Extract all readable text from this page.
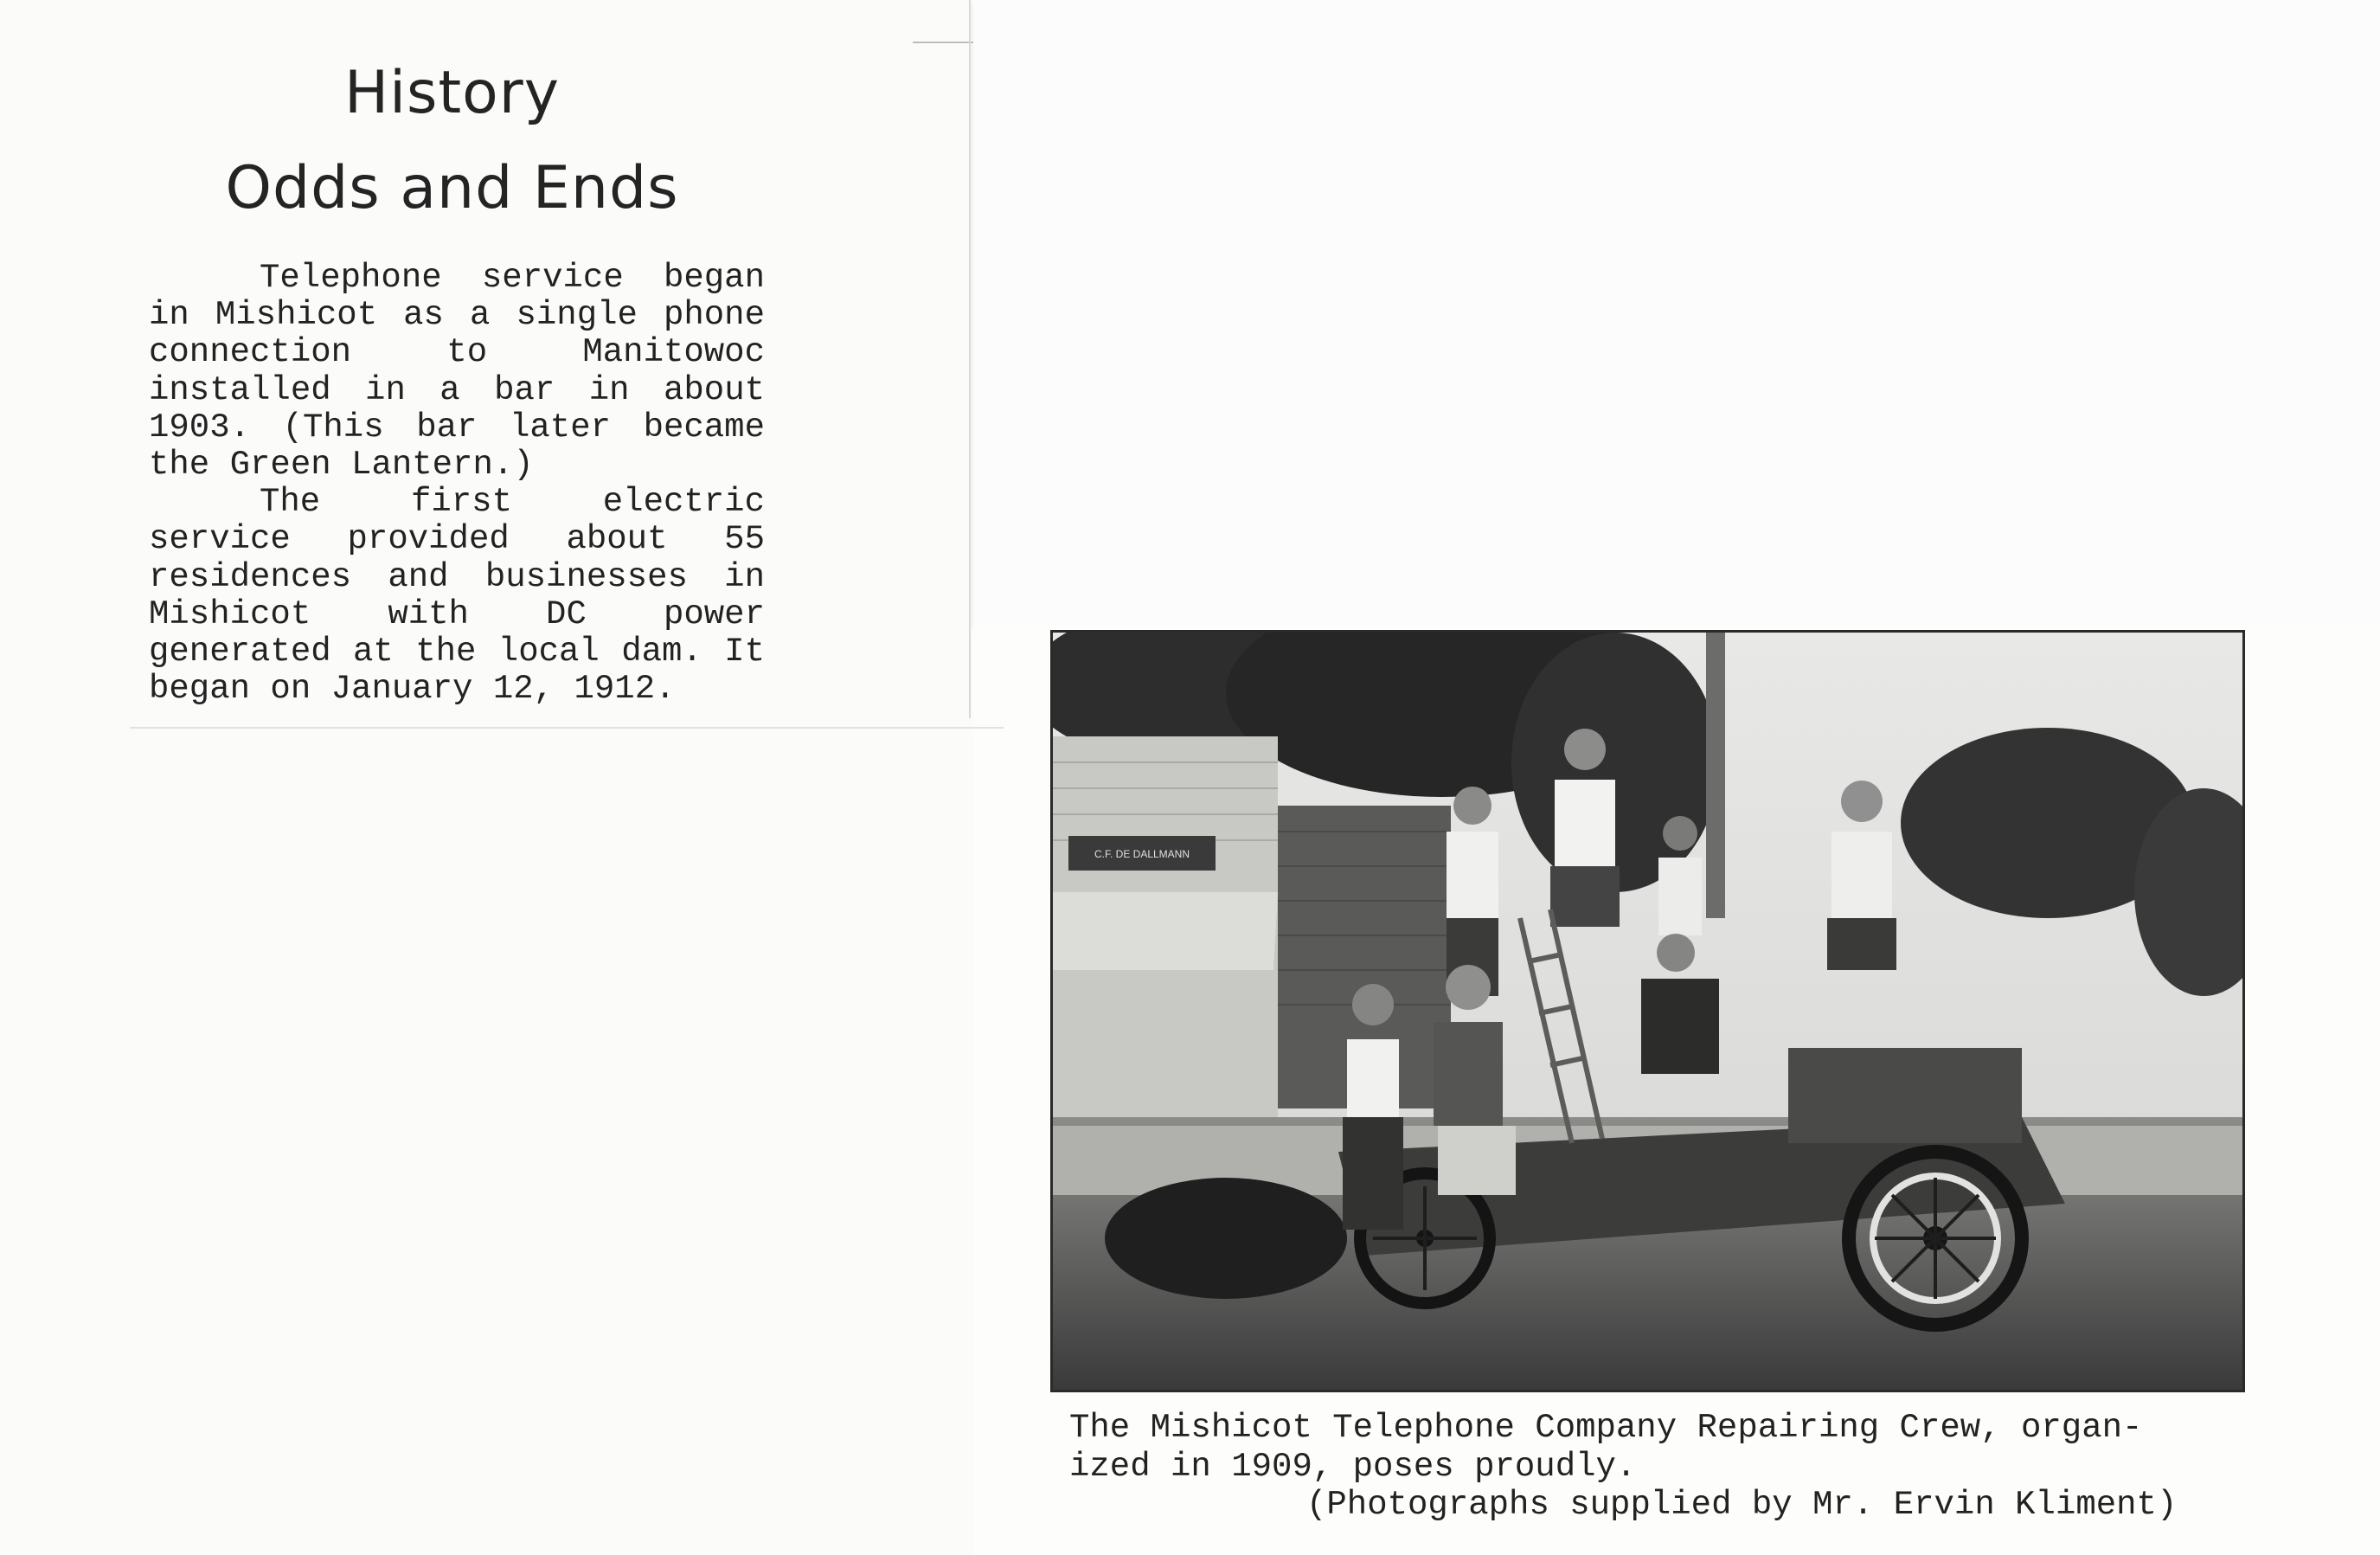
History
Odds and Ends

Telephone service began in Mishicot as a single phone connection to Manitowoc installed in a bar in about 1903. (This bar later became the Green Lantern.)

The first electric service provided about 55 residences and businesses in Mishicot with DC power generated at the local dam. It began on January 12, 1912.

C.F. DE DALLMANN
The Mishicot Telephone Company Repairing Crew, organ-
ized in 1909, poses proudly.
(Photographs supplied by Mr. Ervin Kliment)
